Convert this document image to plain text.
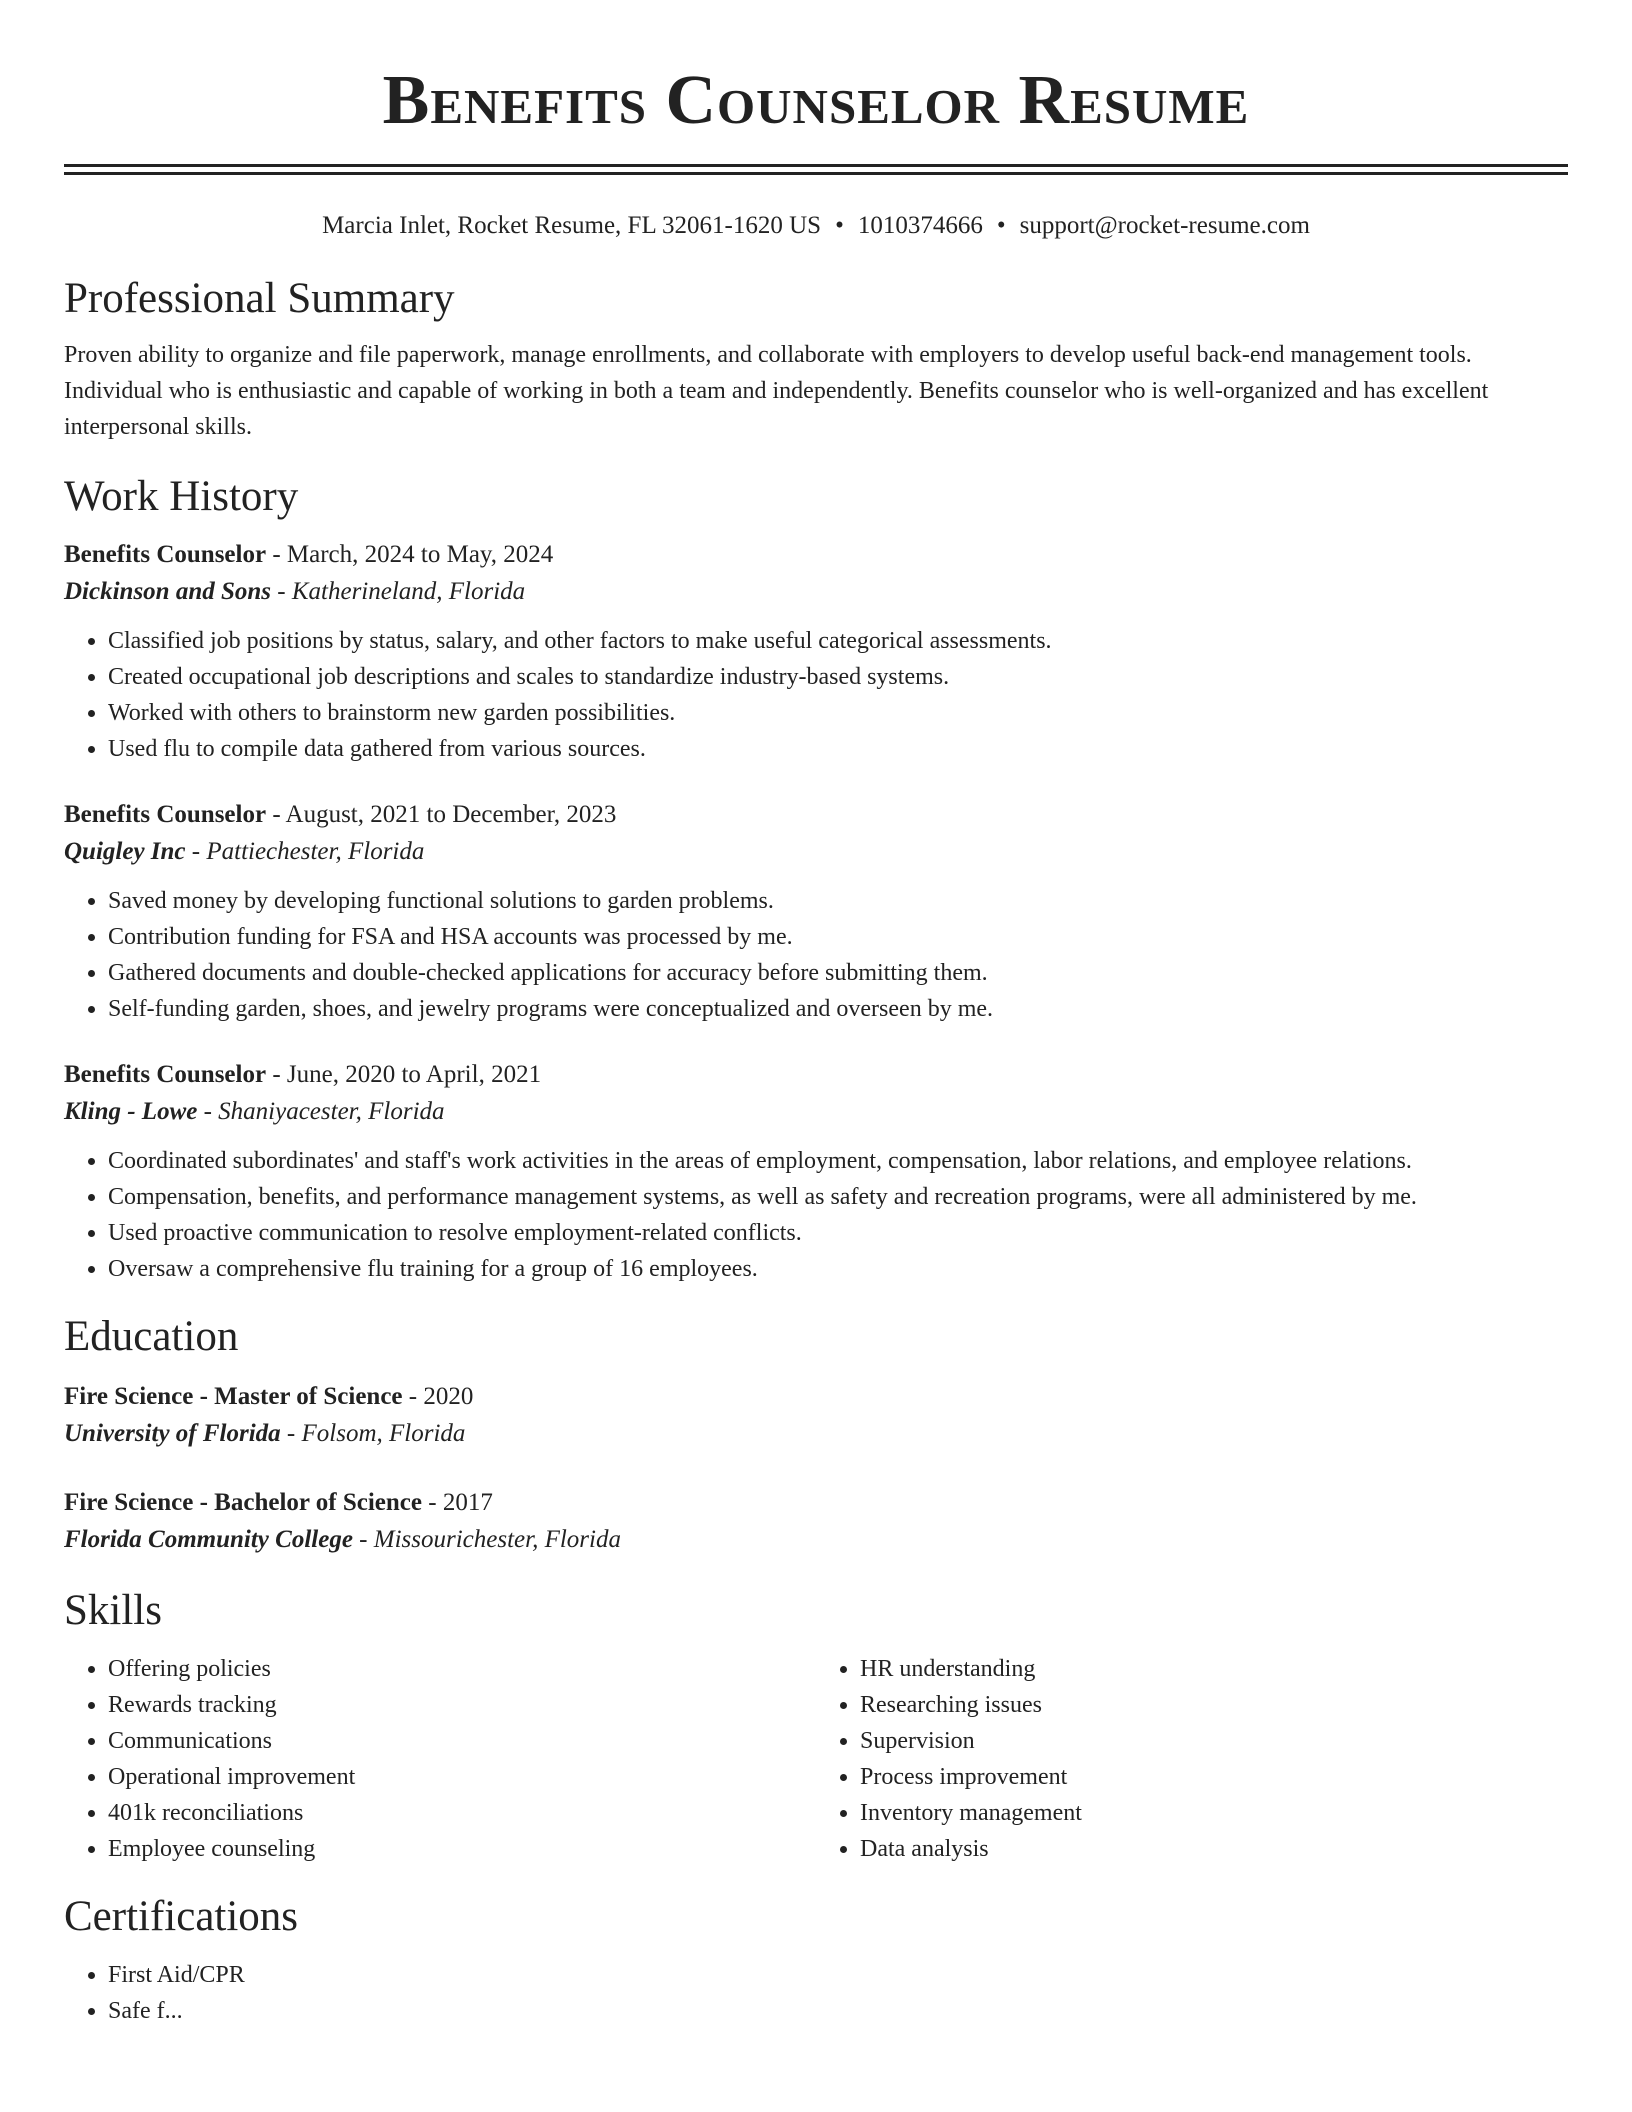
Benefits Counselor Resume
Marcia Inlet, Rocket Resume, FL 32061-1620 US • 1010374666 • support@rocket-resume.com
Professional Summary

Proven ability to organize and file paperwork, manage enrollments, and collaborate with employers to develop useful back-end management tools. Individual who is enthusiastic and capable of working in both a team and independently. Benefits counselor who is well-organized and has excellent interpersonal skills.

Work History
Benefits Counselor - March, 2024 to May, 2024
Dickinson and Sons - Katherineland, Florida
• Classified job positions by status, salary, and other factors to make useful categorical assessments.
• Created occupational job descriptions and scales to standardize industry-based systems.
• Worked with others to brainstorm new garden possibilities.
• Used flu to compile data gathered from various sources.
Benefits Counselor - August, 2021 to December, 2023
Quigley Inc - Pattiechester, Florida
• Saved money by developing functional solutions to garden problems.
• Contribution funding for FSA and HSA accounts was processed by me.
• Gathered documents and double-checked applications for accuracy before submitting them.
• Self-funding garden, shoes, and jewelry programs were conceptualized and overseen by me.
Benefits Counselor - June, 2020 to April, 2021
Kling - Lowe - Shaniyacester, Florida
• Coordinated subordinates' and staff's work activities in the areas of employment, compensation, labor relations, and employee relations.
• Compensation, benefits, and performance management systems, as well as safety and recreation programs, were all administered by me.
• Used proactive communication to resolve employment-related conflicts.
• Oversaw a comprehensive flu training for a group of 16 employees.
Education
Fire Science - Master of Science - 2020
University of Florida - Folsom, Florida
Fire Science - Bachelor of Science - 2017
Florida Community College - Missourichester, Florida
Skills
• Offering policies
• Rewards tracking
• Communications
• Operational improvement
• 401k reconciliations
• Employee counseling
• HR understanding
• Researching issues
• Supervision
• Process improvement
• Inventory management
• Data analysis
Certifications
• First Aid/CPR
• Safe f...
